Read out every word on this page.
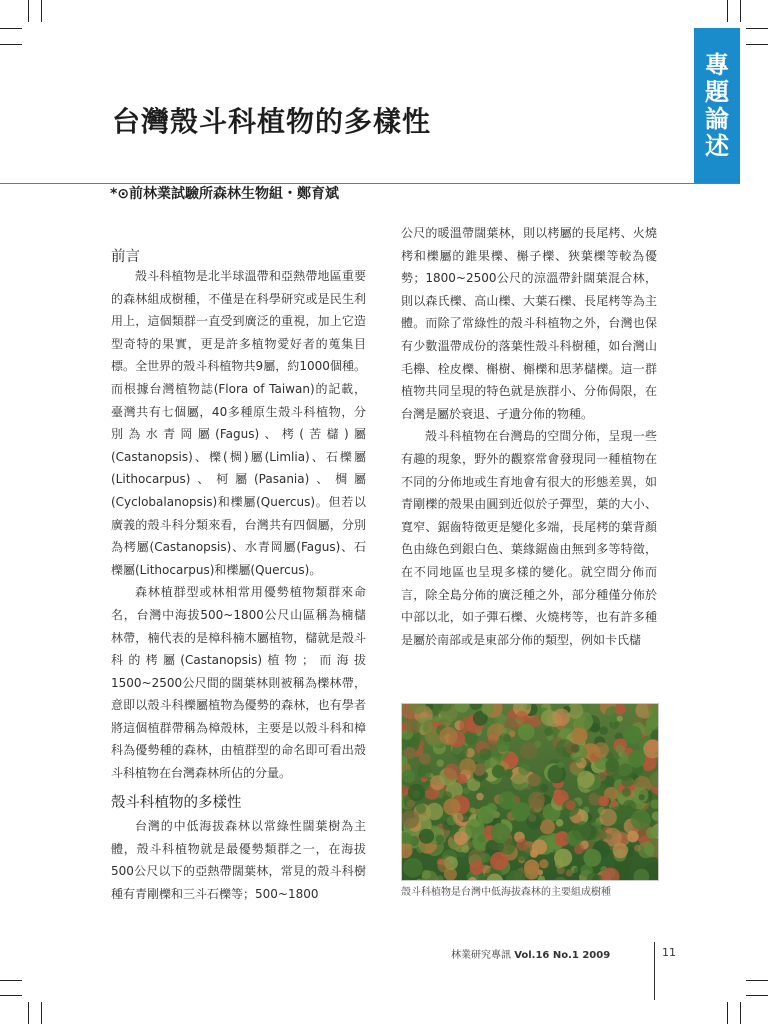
專
題
論
述
台灣殼斗科植物的多樣性
*⊙前林業試驗所森林生物組・鄭育斌
前言

殼斗科植物是北半球溫帶和亞熱帶地區重要的森林組成樹種，不僅是在科學研究或是民生利用上，這個類群一直受到廣泛的重視，加上它造型奇特的果實，更是許多植物愛好者的蒐集目標。全世界的殼斗科植物共9屬，約1000個種。而根據台灣植物誌(Flora of Taiwan)的記載，臺灣共有七個屬，40多種原生殼斗科植物，分別為水青岡屬(Fagus)、栲(苦櫧)屬(Castanopsis)、櫟(椆)屬(Limlia)、石櫟屬(Lithocarpus)、柯屬(Pasania)、椆屬(Cyclobalanopsis)和櫟屬(Quercus)。但若以廣義的殼斗科分類來看，台灣共有四個屬，分別為栲屬(Castanopsis)、水青岡屬(Fagus)、石櫟屬(Lithocarpus)和櫟屬(Quercus)。

森林植群型或林相常用優勢植物類群來命名，台灣中海拔500~1800公尺山區稱為楠櫧林帶，楠代表的是樟科楠木屬植物，櫧就是殼斗科的栲屬(Castanopsis)植物；而海拔1500~2500公尺間的闊葉林則被稱為櫟林帶，意即以殼斗科櫟屬植物為優勢的森林，也有學者將這個植群帶稱為樟殼林，主要是以殼斗科和樟科為優勢種的森林，由植群型的命名即可看出殼斗科植物在台灣森林所佔的分量。

殼斗科植物的多樣性

台灣的中低海拔森林以常綠性闊葉樹為主體，殼斗科植物就是最優勢類群之一，在海拔500公尺以下的亞熱帶闊葉林，常見的殼斗科樹種有青剛櫟和三斗石櫟等；500~1800

公尺的暖溫帶闊葉林，則以栲屬的長尾栲、火燒栲和櫟屬的錐果櫟、槲子櫟、狹葉櫟等較為優勢；1800~2500公尺的涼溫帶針闊葉混合林，則以森氏櫟、高山櫟、大葉石櫟、長尾栲等為主體。而除了常綠性的殼斗科植物之外，台灣也保有少數溫帶成份的落葉性殼斗科樹種，如台灣山毛櫸、栓皮櫟、槲樹、槲櫟和思茅櫧櫟。這一群植物共同呈現的特色就是族群小、分佈侷限，在台灣是屬於衰退、孑遺分佈的物種。

殼斗科植物在台灣島的空間分佈，呈現一些有趣的現象，野外的觀察常會發現同一種植物在不同的分佈地或生育地會有很大的形態差異，如青剛櫟的殼果由圓到近似於子彈型，葉的大小、寬窄、鋸齒特徵更是變化多端，長尾栲的葉背顏色由綠色到銀白色、葉緣鋸齒由無到多等特徵，在不同地區也呈現多樣的變化。就空間分佈而言，除全島分佈的廣泛種之外，部分種僅分佈於中部以北，如子彈石櫟、火燒栲等，也有許多種是屬於南部或是東部分佈的類型，例如卡氏櫧

殼斗科植物是台灣中低海拔森林的主要組成樹種
林業研究專訊 Vol.16 No.1 2009	11
